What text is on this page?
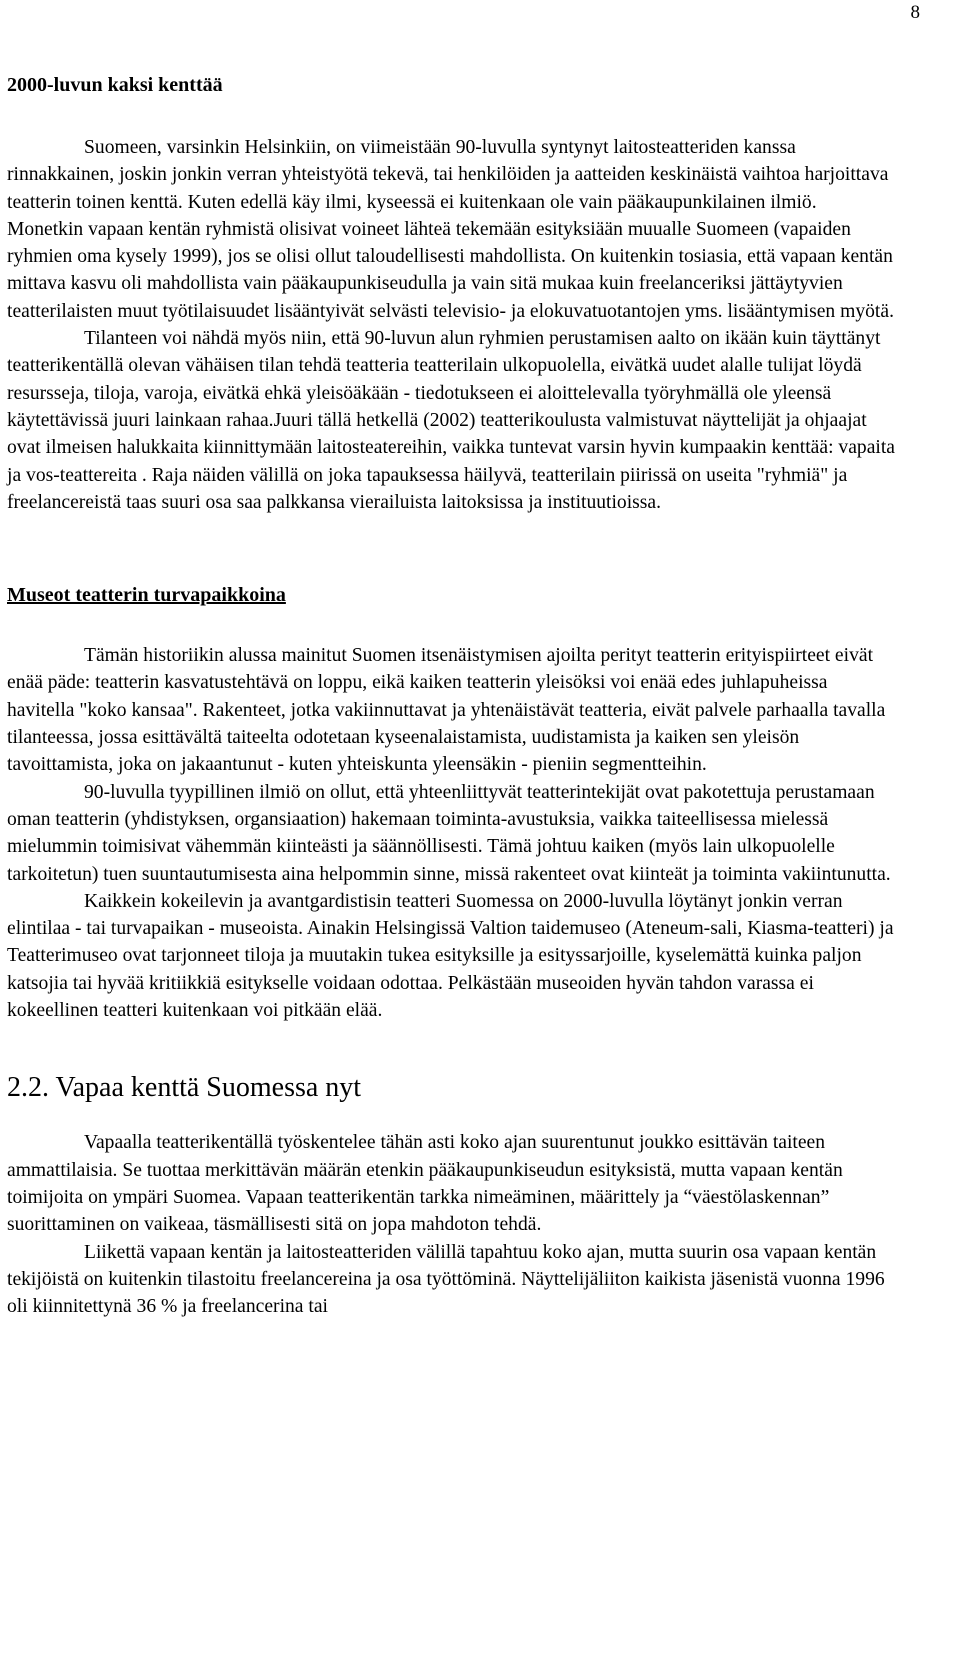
8
2000-luvun kaksi kenttää

Suomeen, varsinkin Helsinkiin, on viimeistään 90-luvulla syntynyt laitosteatteriden kanssa rinnakkainen, joskin jonkin verran yhteistyötä tekevä, tai henkilöiden ja aatteiden keskinäistä vaihtoa harjoittava teatterin toinen kenttä. Kuten edellä käy ilmi, kyseessä ei kuitenkaan ole vain pääkaupunkilainen ilmiö. Monetkin vapaan kentän ryhmistä olisivat voineet lähteä tekemään esityksiään muualle Suomeen (vapaiden ryhmien oma kysely 1999), jos se olisi ollut taloudellisesti mahdollista. On kuitenkin tosiasia, että vapaan kentän mittava kasvu oli mahdollista vain pääkaupunkiseudulla ja vain sitä mukaa kuin freelanceriksi jättäytyvien teatterilaisten muut työtilaisuudet lisääntyivät selvästi televisio- ja elokuvatuotantojen yms. lisääntymisen myötä.

Tilanteen voi nähdä myös niin, että 90-luvun alun ryhmien perustamisen aalto on ikään kuin täyttänyt teatterikentällä olevan vähäisen tilan tehdä teatteria teatterilain ulkopuolella, eivätkä uudet alalle tulijat löydä resursseja, tiloja, varoja, eivätkä ehkä yleisöäkään - tiedotukseen ei aloittelevalla työryhmällä ole yleensä käytettävissä juuri lainkaan rahaa.Juuri tällä hetkellä (2002) teatterikoulusta valmistuvat näyttelijät ja ohjaajat ovat ilmeisen halukkaita kiinnittymään laitosteatereihin, vaikka tuntevat varsin hyvin kumpaakin kenttää: vapaita ja vos-teattereita . Raja näiden välillä on joka tapauksessa häilyvä, teatterilain piirissä on useita "ryhmiä" ja freelancereistä taas suuri osa saa palkkansa vierailuista laitoksissa ja instituutioissa.

Museot teatterin turvapaikkoina

Tämän historiikin alussa mainitut Suomen itsenäistymisen ajoilta perityt teatterin erityispiirteet eivät enää päde: teatterin kasvatustehtävä on loppu, eikä kaiken teatterin yleisöksi voi enää edes juhlapuheissa havitella "koko kansaa". Rakenteet, jotka vakiinnuttavat ja yhtenäistävät teatteria, eivät palvele parhaalla tavalla tilanteessa, jossa esittävältä taiteelta odotetaan kyseenalaistamista, uudistamista ja kaiken sen yleisön tavoittamista, joka on jakaantunut - kuten yhteiskunta yleensäkin - pieniin segmentteihin.

90-luvulla tyypillinen ilmiö on ollut, että yhteenliittyvät teatterintekijät ovat pakotettuja perustamaan oman teatterin (yhdistyksen, organsiaation) hakemaan toiminta-avustuksia, vaikka taiteellisessa mielessä mielummin toimisivat vähemmän kiinteästi ja säännöllisesti. Tämä johtuu kaiken (myös lain ulkopuolelle tarkoitetun) tuen suuntautumisesta aina helpommin sinne, missä rakenteet ovat kiinteät ja toiminta vakiintunutta.

Kaikkein kokeilevin ja avantgardistisin teatteri Suomessa on 2000-luvulla löytänyt jonkin verran elintilaa - tai turvapaikan - museoista. Ainakin Helsingissä Valtion taidemuseo (Ateneum-sali, Kiasma-teatteri) ja Teatterimuseo ovat tarjonneet tiloja ja muutakin tukea esityksille ja esityssarjoille, kyselemättä kuinka paljon katsojia tai hyvää kritiikkiä esitykselle voidaan odottaa. Pelkästään museoiden hyvän tahdon varassa ei kokeellinen teatteri kuitenkaan voi pitkään elää.

2.2. Vapaa kenttä Suomessa nyt

Vapaalla teatterikentällä työskentelee tähän asti koko ajan suurentunut joukko esittävän taiteen ammattilaisia. Se tuottaa merkittävän määrän etenkin pääkaupunkiseudun esityksistä, mutta vapaan kentän toimijoita on ympäri Suomea. Vapaan teatterikentän tarkka nimeäminen, määrittely ja “väestölaskennan” suorittaminen on vaikeaa, täsmällisesti sitä on jopa mahdoton tehdä.

Liikettä vapaan kentän ja laitosteatteriden välillä tapahtuu koko ajan, mutta suurin osa vapaan kentän tekijöistä on kuitenkin tilastoitu freelancereina ja osa työttöminä. Näyttelijäliiton kaikista jäsenistä vuonna 1996 oli kiinnitettynä 36 % ja freelancerina tai
